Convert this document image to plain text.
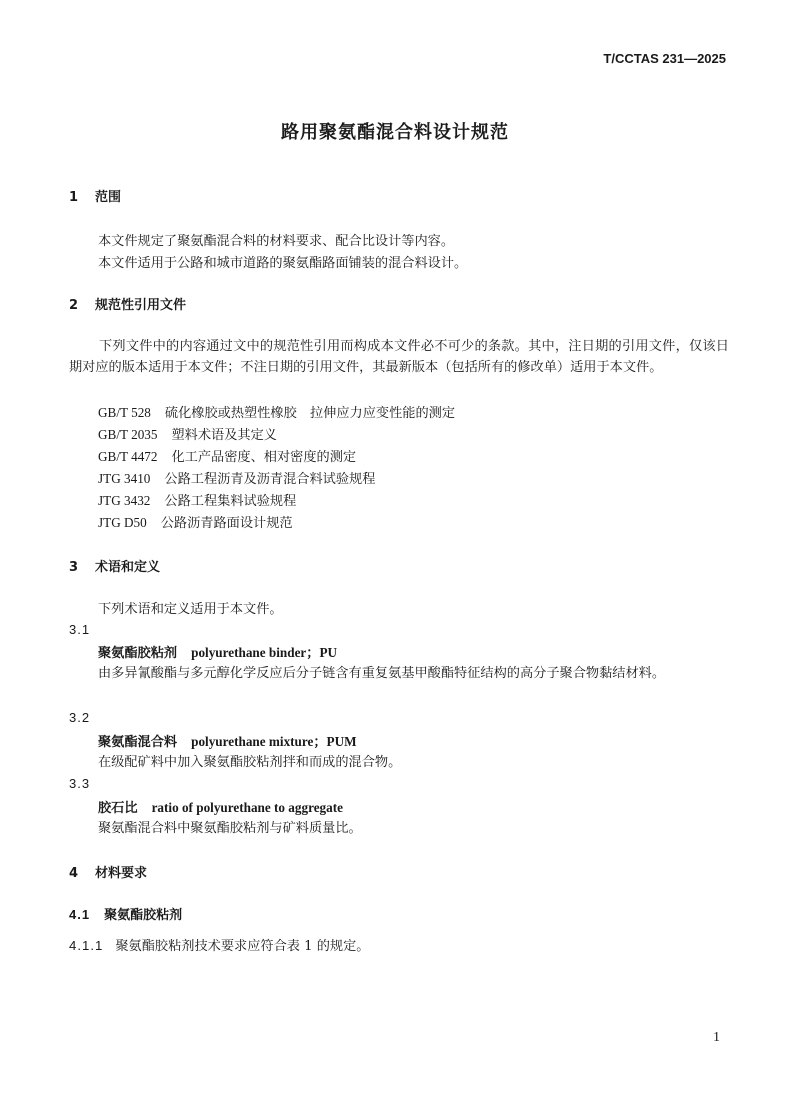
T/CCTAS 231—2025
路用聚氨酯混合料设计规范
1 范围
本文件规定了聚氨酯混合料的材料要求、配合比设计等内容。
本文件适用于公路和城市道路的聚氨酯路面铺装的混合料设计。
2 规范性引用文件
下列文件中的内容通过文中的规范性引用而构成本文件必不可少的条款。其中，注日期的引用文件，仅该日期对应的版本适用于本文件；不注日期的引用文件，其最新版本（包括所有的修改单）适用于本文件。
GB/T 528 硫化橡胶或热塑性橡胶　拉伸应力应变性能的测定
GB/T 2035 塑料术语及其定义
GB/T 4472 化工产品密度、相对密度的测定
JTG 3410 公路工程沥青及沥青混合料试验规程
JTG 3432 公路工程集料试验规程
JTG D50 公路沥青路面设计规范
3 术语和定义
下列术语和定义适用于本文件。
3.1
聚氨酯胶粘剂 polyurethane binder；PU
由多异氰酸酯与多元醇化学反应后分子链含有重复氨基甲酸酯特征结构的高分子聚合物黏结材料。
3.2
聚氨酯混合料 polyurethane mixture；PUM
在级配矿料中加入聚氨酯胶粘剂拌和而成的混合物。
3.3
胶石比 ratio of polyurethane to aggregate
聚氨酯混合料中聚氨酯胶粘剂与矿料质量比。
4 材料要求
4.1 聚氨酯胶粘剂
4.1.1 聚氨酯胶粘剂技术要求应符合表 1 的规定。
1
